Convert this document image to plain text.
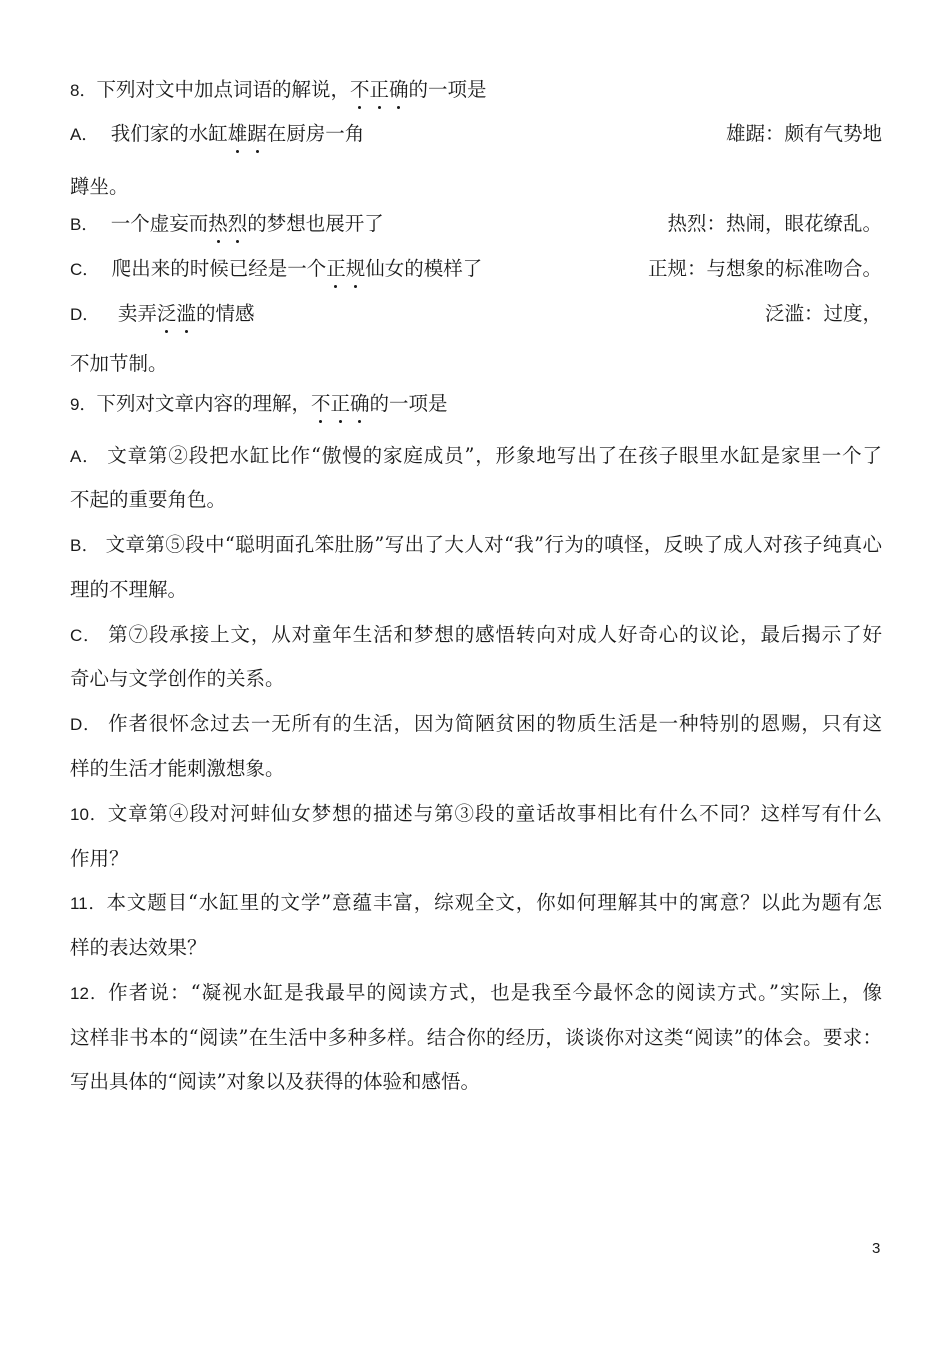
8．下列对文中加点词语的解说，不正确的一项是
A． 我们家的水缸雄踞在厨房一角	雄踞：颇有气势地
蹲坐。
B． 一个虚妄而热烈的梦想也展开了	热烈：热闹，眼花缭乱。
C． 爬出来的时候已经是一个正规仙女的模样了	正规：与想象的标准吻合。
D． 卖弄泛滥的情感	泛滥：过度，
不加节制。
9．下列对文章内容的理解，不正确的一项是
A． 文章第②段把水缸比作“傲慢的家庭成员”，形象地写出了在孩子眼里水缸是家里一个了
不起的重要角色。
B． 文章第⑤段中“聪明面孔笨肚肠”写出了大人对“我”行为的嗔怪，反映了成人对孩子纯真心
理的不理解。
C． 第⑦段承接上文，从对童年生活和梦想的感悟转向对成人好奇心的议论，最后揭示了好
奇心与文学创作的关系。
D． 作者很怀念过去一无所有的生活，因为简陋贫困的物质生活是一种特别的恩赐，只有这
样的生活才能刺激想象。
10．文章第④段对河蚌仙女梦想的描述与第③段的童话故事相比有什么不同？这样写有什么
作用？
11．本文题目“水缸里的文学”意蕴丰富，综观全文，你如何理解其中的寓意？以此为题有怎
样的表达效果？
12．作者说：“凝视水缸是我最早的阅读方式，也是我至今最怀念的阅读方式。”实际上，像
这样非书本的“阅读”在生活中多种多样。结合你的经历，谈谈你对这类“阅读”的体会。要求：
写出具体的“阅读”对象以及获得的体验和感悟。
3
